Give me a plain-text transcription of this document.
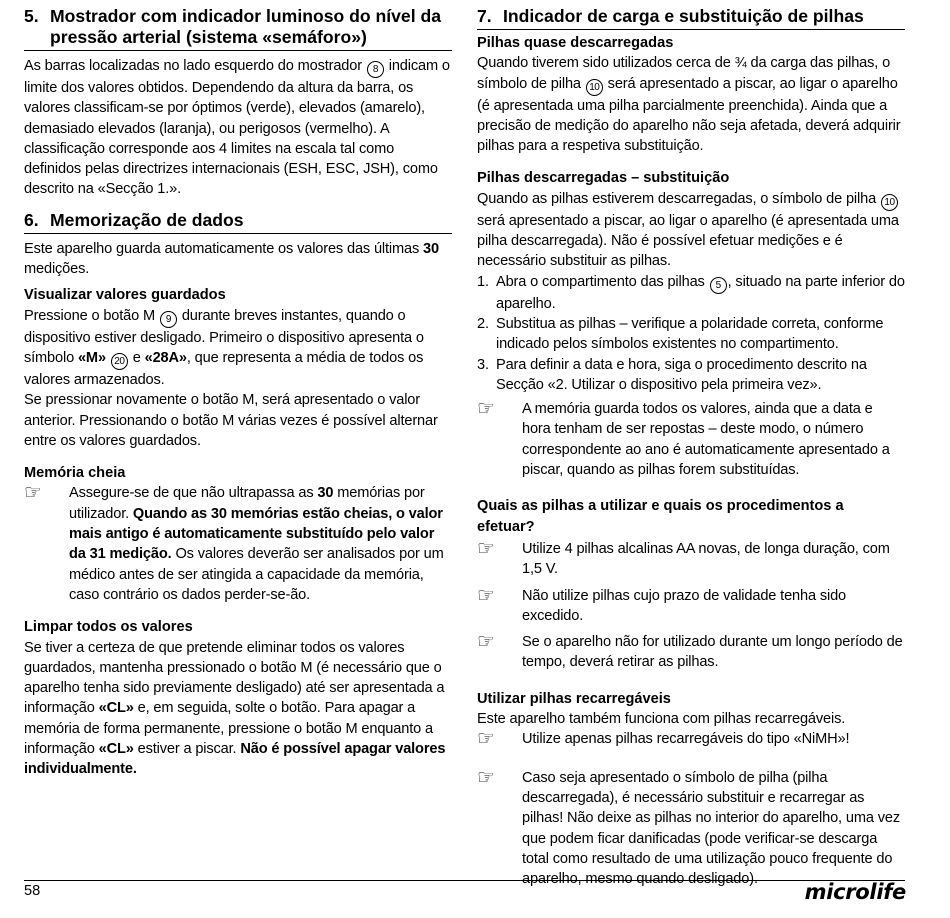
5. Mostrador com indicador luminoso do nível da pressão arterial (sistema «semáforo»)

As barras localizadas no lado esquerdo do mostrador 8 indicam o limite dos valores obtidos. Dependendo da altura da barra, os valores classificam-se por óptimos (verde), elevados (amarelo), demasiado elevados (laranja), ou perigosos (vermelho). A classificação corresponde aos 4 limites na escala tal como definidos pelas directrizes internacionais (ESH, ESC, JSH), como descrito na «Secção 1.».

6. Memorização de dados

Este aparelho guarda automaticamente os valores das últimas 30 medições.

Visualizar valores guardados

Pressione o botão M 9 durante breves instantes, quando o dispositivo estiver desligado. Primeiro o dispositivo apresenta o símbolo «M» 20 e «28A», que representa a média de todos os valores armazenados.

Se pressionar novamente o botão M, será apresentado o valor anterior. Pressionando o botão M várias vezes é possível alternar entre os valores guardados.

Memória cheia
☞	Assegure-se de que não ultrapassa as 30 memórias por utilizador. Quando as 30 memórias estão cheias, o valor mais antigo é automaticamente substituído pelo valor da 31 medição. Os valores deverão ser analisados por um médico antes de ser atingida a capacidade da memória, caso contrário os dados perder-se-ão.
Limpar todos os valores

Se tiver a certeza de que pretende eliminar todos os valores guardados, mantenha pressionado o botão M (é necessário que o aparelho tenha sido previamente desligado) até ser apresentada a informação «CL» e, em seguida, solte o botão. Para apagar a memória de forma permanente, pressione o botão M enquanto a informação «CL» estiver a piscar. Não é possível apagar valores individualmente.

7. Indicador de carga e substituição de pilhas
Pilhas quase descarregadas

Quando tiverem sido utilizados cerca de ¾ da carga das pilhas, o símbolo de pilha 10 será apresentado a piscar, ao ligar o aparelho (é apresentada uma pilha parcialmente preenchida). Ainda que a precisão de medição do aparelho não seja afetada, deverá adquirir pilhas para a respetiva substituição.

Pilhas descarregadas – substituição

Quando as pilhas estiverem descarregadas, o símbolo de pilha 10 será apresentado a piscar, ao ligar o aparelho (é apresentada uma pilha descarregada). Não é possível efetuar medições e é necessário substituir as pilhas.

1. Abra o compartimento das pilhas 5 , situado na parte inferior do aparelho.
2. Substitua as pilhas – verifique a polaridade correta, conforme indicado pelos símbolos existentes no compartimento.
3. Para definir a data e hora, siga o procedimento descrito na Secção «2. Utilizar o dispositivo pela primeira vez».
☞	A memória guarda todos os valores, ainda que a data e hora tenham de ser repostas – deste modo, o número correspondente ao ano é automaticamente apresentado a piscar, quando as pilhas forem substituídas.
Quais as pilhas a utilizar e quais os procedimentos a efetuar?
☞	Utilize 4 pilhas alcalinas AA novas, de longa duração, com 1,5 V.
☞	Não utilize pilhas cujo prazo de validade tenha sido excedido.
☞	Se o aparelho não for utilizado durante um longo período de tempo, deverá retirar as pilhas.
Utilizar pilhas recarregáveis

Este aparelho também funciona com pilhas recarregáveis.

☞	Utilize apenas pilhas recarregáveis do tipo «NiMH»!
☞	Caso seja apresentado o símbolo de pilha (pilha descarregada), é necessário substituir e recarregar as pilhas! Não deixe as pilhas no interior do aparelho, uma vez que podem ficar danificadas (pode verificar-se descarga total como resultado de uma utilização pouco frequente do aparelho, mesmo quando desligado).
58	microlife
